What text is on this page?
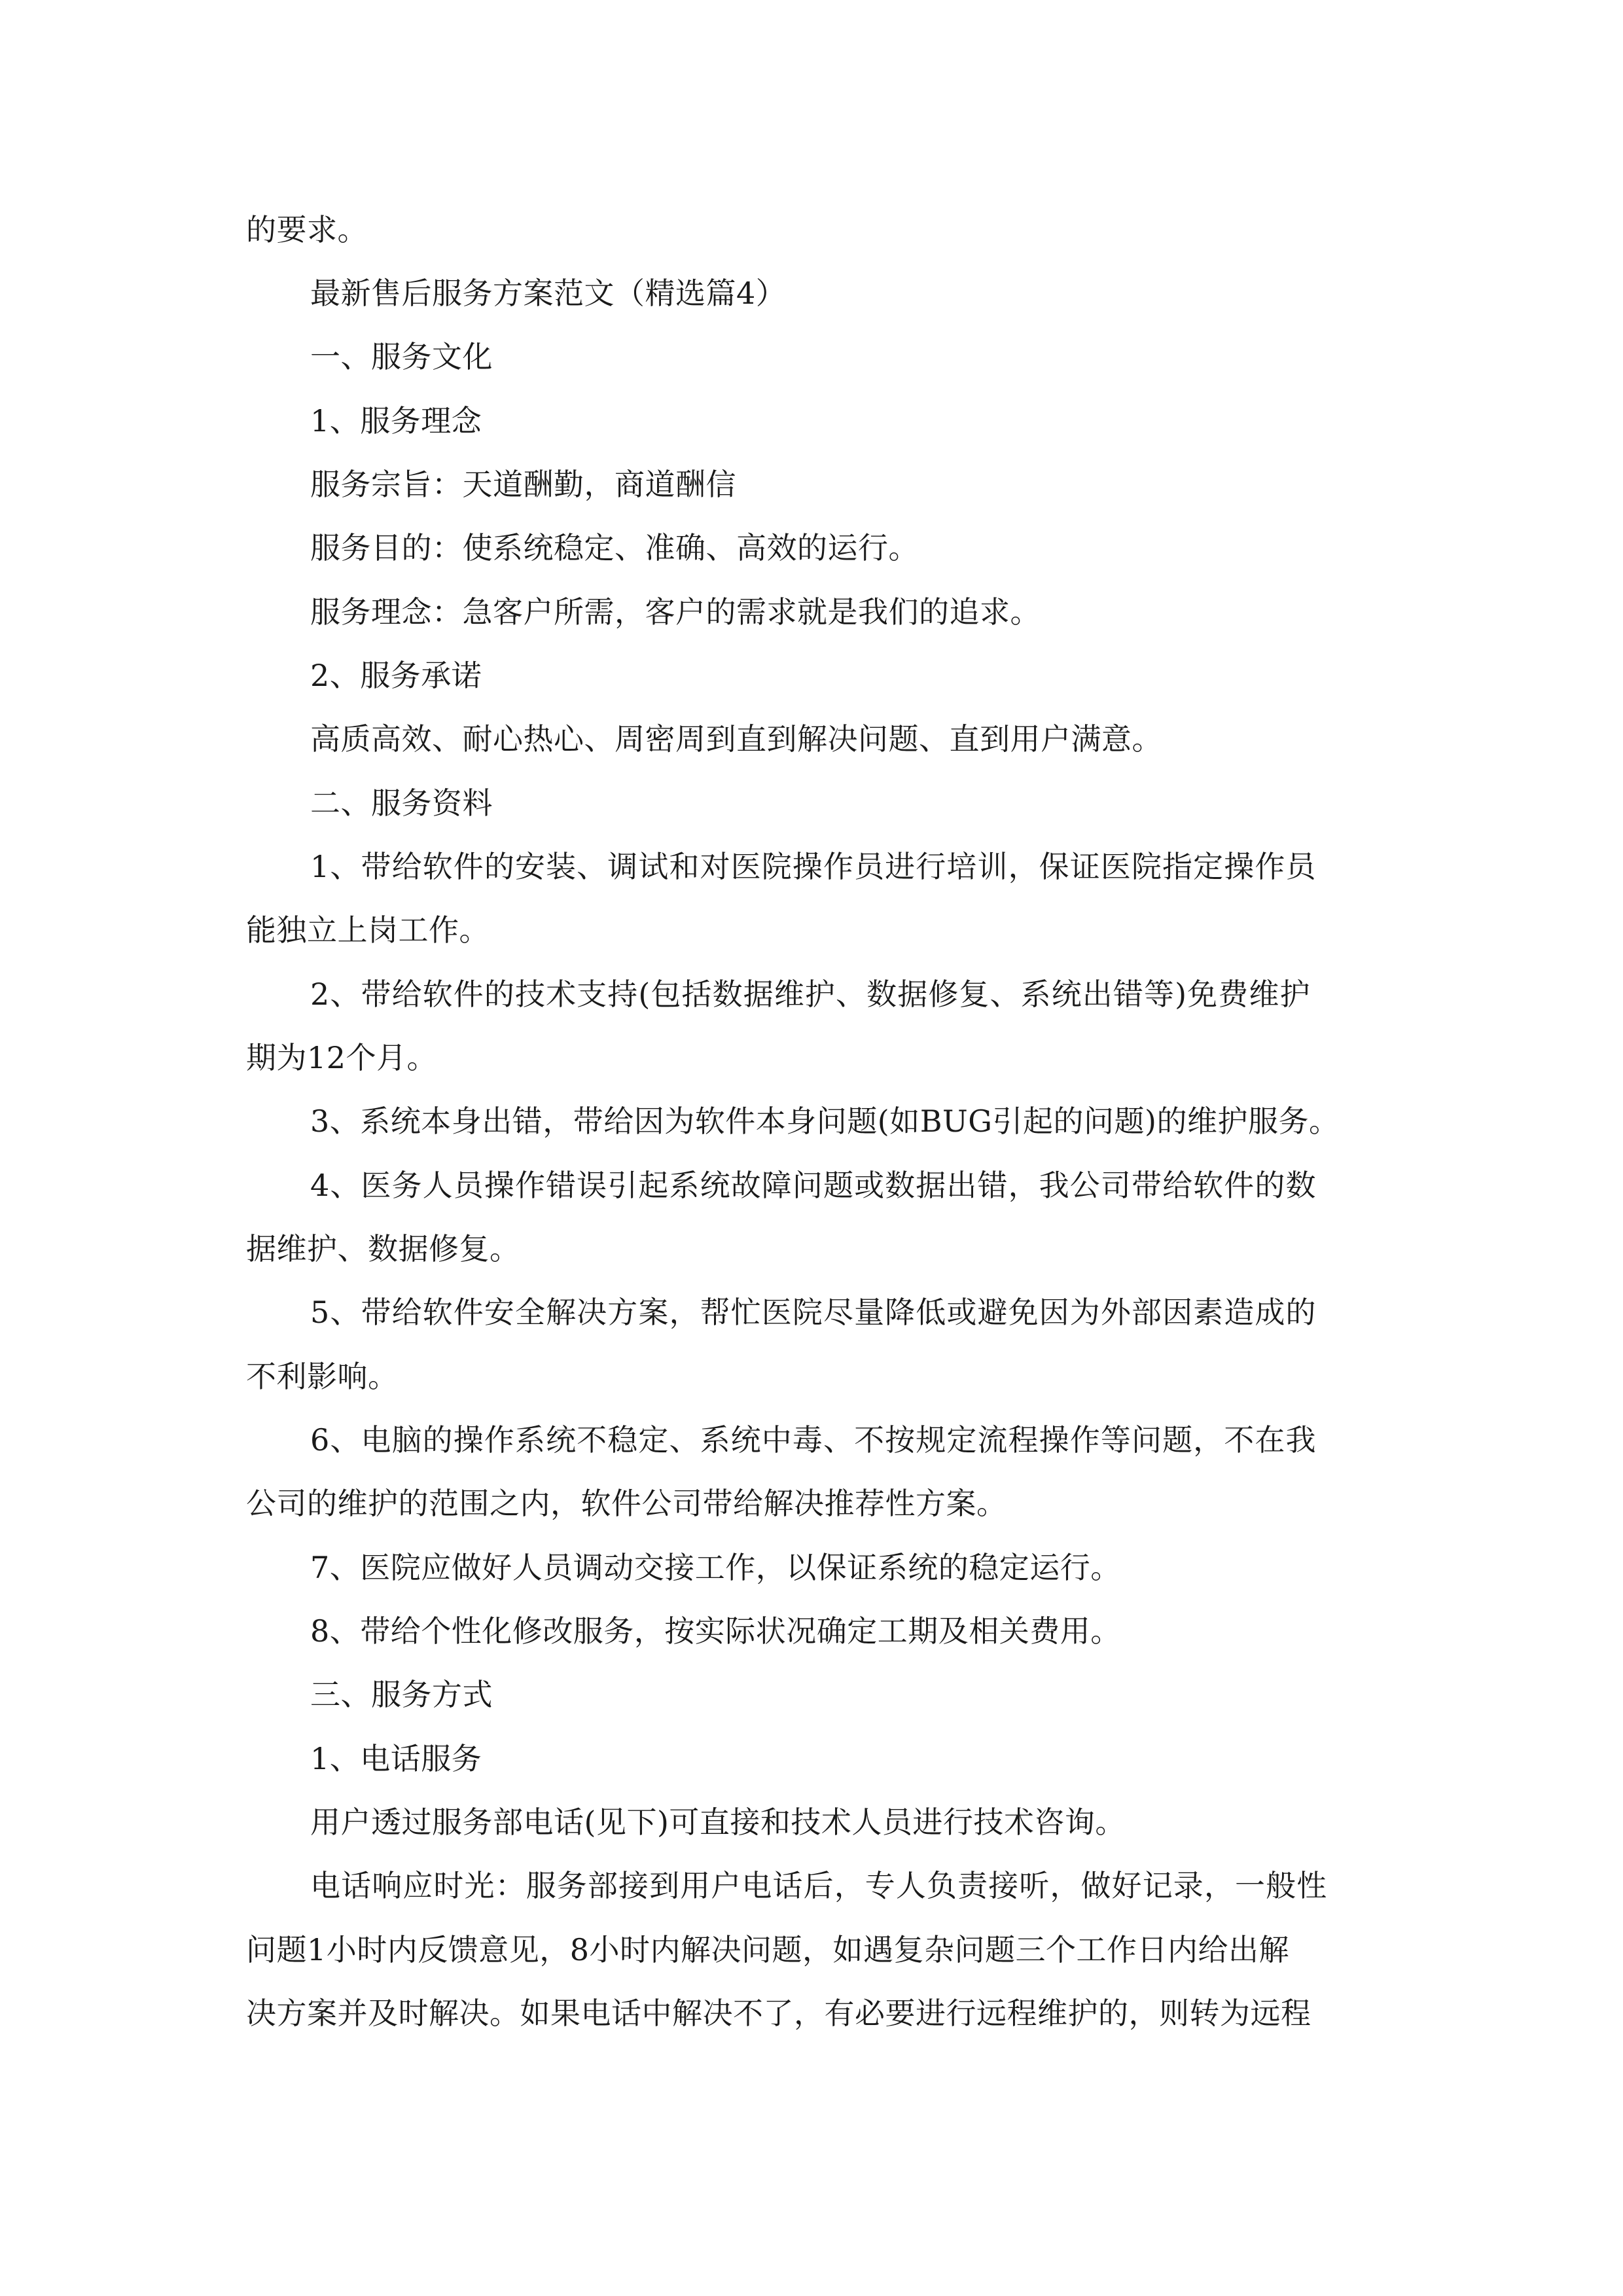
的要求。
最新售后服务方案范文（精选篇4）
一、服务文化
1、服务理念
服务宗旨：天道酬勤，商道酬信
服务目的：使系统稳定、准确、高效的运行。
服务理念：急客户所需，客户的需求就是我们的追求。
2、服务承诺
高质高效、耐心热心、周密周到直到解决问题、直到用户满意。
二、服务资料
1、带给软件的安装、调试和对医院操作员进行培训，保证医院指定操作员
能独立上岗工作。
2、带给软件的技术支持(包括数据维护、数据修复、系统出错等)免费维护
期为12个月。
3、系统本身出错，带给因为软件本身问题(如BUG引起的问题)的维护服务。
4、医务人员操作错误引起系统故障问题或数据出错，我公司带给软件的数
据维护、数据修复。
5、带给软件安全解决方案，帮忙医院尽量降低或避免因为外部因素造成的
不利影响。
6、电脑的操作系统不稳定、系统中毒、不按规定流程操作等问题，不在我
公司的维护的范围之内，软件公司带给解决推荐性方案。
7、医院应做好人员调动交接工作，以保证系统的稳定运行。
8、带给个性化修改服务，按实际状况确定工期及相关费用。
三、服务方式
1、电话服务
用户透过服务部电话(见下)可直接和技术人员进行技术咨询。
电话响应时光：服务部接到用户电话后，专人负责接听，做好记录，一般性
问题1小时内反馈意见，8小时内解决问题，如遇复杂问题三个工作日内给出解
决方案并及时解决。如果电话中解决不了，有必要进行远程维护的，则转为远程
